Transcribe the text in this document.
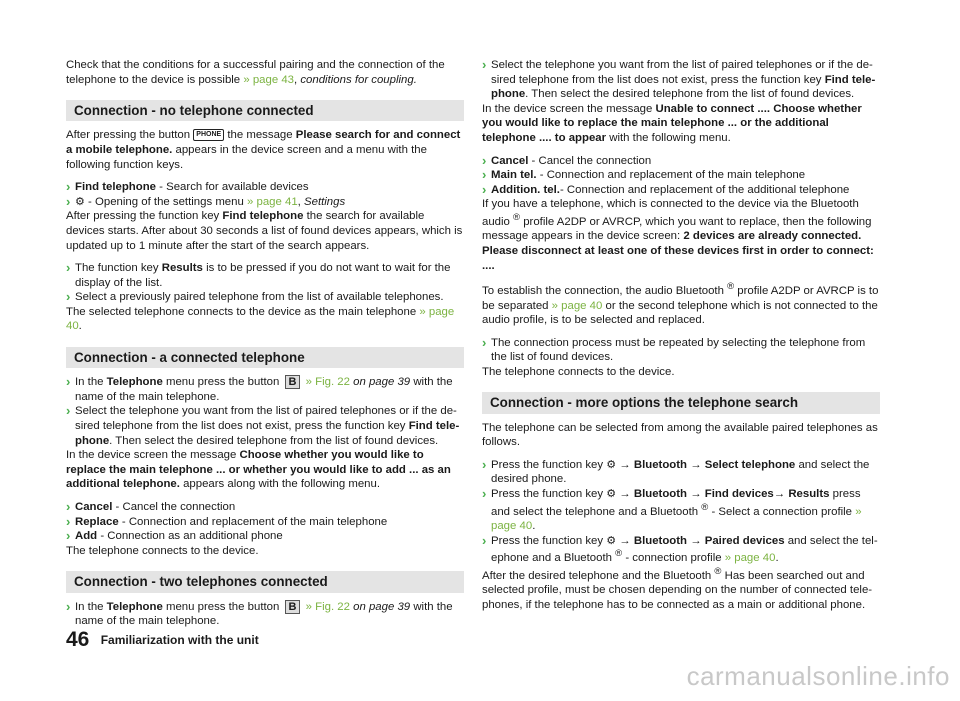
Check that the conditions for a successful pairing and the connection of the telephone to the device is possible » page 43, conditions for coupling.

Connection - no telephone connected

After pressing the button PHONE the message Please search for and connect a mobile telephone. appears in the device screen and a menu with the following function keys.

› Find telephone - Search for available devices

› ⚙ - Opening of the settings menu » page 41, Settings

After pressing the function key Find telephone the search for available devices starts. After about 30 seconds a list of found devices appears, which is updated up to 1 minute after the start of the search appears.

› The function key Results is to be pressed if you do not want to wait for the display of the list.

› Select a previously paired telephone from the list of available telephones.

The selected telephone connects to the device as the main telephone » page 40.

Connection - a connected telephone

› In the Telephone menu press the button B » Fig. 22 on page 39 with the name of the main telephone.

› Select the telephone you want from the list of paired telephones or if the desired telephone from the list does not exist, press the function key Find telephone. Then select the desired telephone from the list of found devices.

In the device screen the message Choose whether you would like to replace the main telephone ... or whether you would like to add ... as an additional telephone. appears along with the following menu.

› Cancel - Cancel the connection

› Replace - Connection and replacement of the main telephone

› Add - Connection as an additional phone

The telephone connects to the device.

Connection - two telephones connected

› In the Telephone menu press the button B » Fig. 22 on page 39 with the name of the main telephone.

› Select the telephone you want from the list of paired telephones or if the desired telephone from the list does not exist, press the function key Find telephone. Then select the desired telephone from the list of found devices.

In the device screen the message Unable to connect .... Choose whether you would like to replace the main telephone ... or the additional telephone .... to appear with the following menu.

› Cancel - Cancel the connection

› Main tel. - Connection and replacement of the main telephone

› Addition. tel.- Connection and replacement of the additional telephone

If you have a telephone, which is connected to the device via the Bluetooth audio ® profile A2DP or AVRCP, which you want to replace, then the following message appears in the device screen: 2 devices are already connected. Please disconnect at least one of these devices first in order to connect: ....

To establish the connection, the audio Bluetooth ® profile A2DP or AVRCP is to be separated » page 40 or the second telephone which is not connected to the audio profile, is to be selected and replaced.

› The connection process must be repeated by selecting the telephone from the list of found devices.

The telephone connects to the device.

Connection - more options the telephone search

The telephone can be selected from among the available paired telephones as follows.

› Press the function key ⚙ → Bluetooth → Select telephone and select the desired phone.

› Press the function key ⚙ → Bluetooth → Find devices→ Results press and select the telephone and a Bluetooth ® - Select a connection profile » page 40.

› Press the function key ⚙ → Bluetooth → Paired devices and select the telephone and a Bluetooth ® - connection profile » page 40.

After the desired telephone and the Bluetooth ® Has been searched out and selected profile, must be chosen depending on the number of connected telephones, if the telephone has to be connected as a main or additional phone.

46 Familiarization with the unit
carmanualsonline.info
